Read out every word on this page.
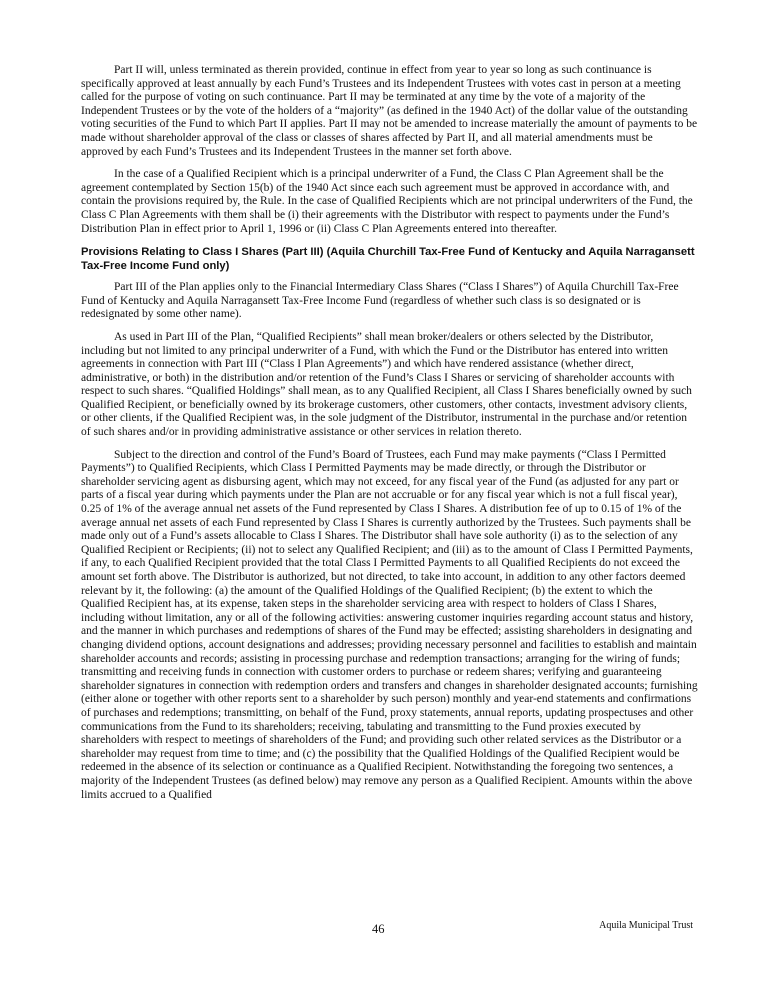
Part II will, unless terminated as therein provided, continue in effect from year to year so long as such continuance is specifically approved at least annually by each Fund’s Trustees and its Independent Trustees with votes cast in person at a meeting called for the purpose of voting on such continuance. Part II may be terminated at any time by the vote of a majority of the Independent Trustees or by the vote of the holders of a “majority” (as defined in the 1940 Act) of the dollar value of the outstanding voting securities of the Fund to which Part II applies. Part II may not be amended to increase materially the amount of payments to be made without shareholder approval of the class or classes of shares affected by Part II, and all material amendments must be approved by each Fund’s Trustees and its Independent Trustees in the manner set forth above.

In the case of a Qualified Recipient which is a principal underwriter of a Fund, the Class C Plan Agreement shall be the agreement contemplated by Section 15(b) of the 1940 Act since each such agreement must be approved in accordance with, and contain the provisions required by, the Rule. In the case of Qualified Recipients which are not principal underwriters of the Fund, the Class C Plan Agreements with them shall be (i) their agreements with the Distributor with respect to payments under the Fund’s Distribution Plan in effect prior to April 1, 1996 or (ii) Class C Plan Agreements entered into thereafter.

Provisions Relating to Class I Shares (Part III) (Aquila Churchill Tax-Free Fund of Kentucky and Aquila Narragansett Tax-Free Income Fund only)

Part III of the Plan applies only to the Financial Intermediary Class Shares (“Class I Shares”) of Aquila Churchill Tax-Free Fund of Kentucky and Aquila Narragansett Tax-Free Income Fund (regardless of whether such class is so designated or is redesignated by some other name).

As used in Part III of the Plan, “Qualified Recipients” shall mean broker/dealers or others selected by the Distributor, including but not limited to any principal underwriter of a Fund, with which the Fund or the Distributor has entered into written agreements in connection with Part III (“Class I Plan Agreements”) and which have rendered assistance (whether direct, administrative, or both) in the distribution and/or retention of the Fund’s Class I Shares or servicing of shareholder accounts with respect to such shares. “Qualified Holdings” shall mean, as to any Qualified Recipient, all Class I Shares beneficially owned by such Qualified Recipient, or beneficially owned by its brokerage customers, other customers, other contacts, investment advisory clients, or other clients, if the Qualified Recipient was, in the sole judgment of the Distributor, instrumental in the purchase and/or retention of such shares and/or in providing administrative assistance or other services in relation thereto.

Subject to the direction and control of the Fund’s Board of Trustees, each Fund may make payments (“Class I Permitted Payments”) to Qualified Recipients, which Class I Permitted Payments may be made directly, or through the Distributor or shareholder servicing agent as disbursing agent, which may not exceed, for any fiscal year of the Fund (as adjusted for any part or parts of a fiscal year during which payments under the Plan are not accruable or for any fiscal year which is not a full fiscal year), 0.25 of 1% of the average annual net assets of the Fund represented by Class I Shares. A distribution fee of up to 0.15 of 1% of the average annual net assets of each Fund represented by Class I Shares is currently authorized by the Trustees. Such payments shall be made only out of a Fund’s assets allocable to Class I Shares. The Distributor shall have sole authority (i) as to the selection of any Qualified Recipient or Recipients; (ii) not to select any Qualified Recipient; and (iii) as to the amount of Class I Permitted Payments, if any, to each Qualified Recipient provided that the total Class I Permitted Payments to all Qualified Recipients do not exceed the amount set forth above. The Distributor is authorized, but not directed, to take into account, in addition to any other factors deemed relevant by it, the following: (a) the amount of the Qualified Holdings of the Qualified Recipient; (b) the extent to which the Qualified Recipient has, at its expense, taken steps in the shareholder servicing area with respect to holders of Class I Shares, including without limitation, any or all of the following activities: answering customer inquiries regarding account status and history, and the manner in which purchases and redemptions of shares of the Fund may be effected; assisting shareholders in designating and changing dividend options, account designations and addresses; providing necessary personnel and facilities to establish and maintain shareholder accounts and records; assisting in processing purchase and redemption transactions; arranging for the wiring of funds; transmitting and receiving funds in connection with customer orders to purchase or redeem shares; verifying and guaranteeing shareholder signatures in connection with redemption orders and transfers and changes in shareholder designated accounts; furnishing (either alone or together with other reports sent to a shareholder by such person) monthly and year-end statements and confirmations of purchases and redemptions; transmitting, on behalf of the Fund, proxy statements, annual reports, updating prospectuses and other communications from the Fund to its shareholders; receiving, tabulating and transmitting to the Fund proxies executed by shareholders with respect to meetings of shareholders of the Fund; and providing such other related services as the Distributor or a shareholder may request from time to time; and (c) the possibility that the Qualified Holdings of the Qualified Recipient would be redeemed in the absence of its selection or continuance as a Qualified Recipient. Notwithstanding the foregoing two sentences, a majority of the Independent Trustees (as defined below) may remove any person as a Qualified Recipient. Amounts within the above limits accrued to a Qualified

46	Aquila Municipal Trust
